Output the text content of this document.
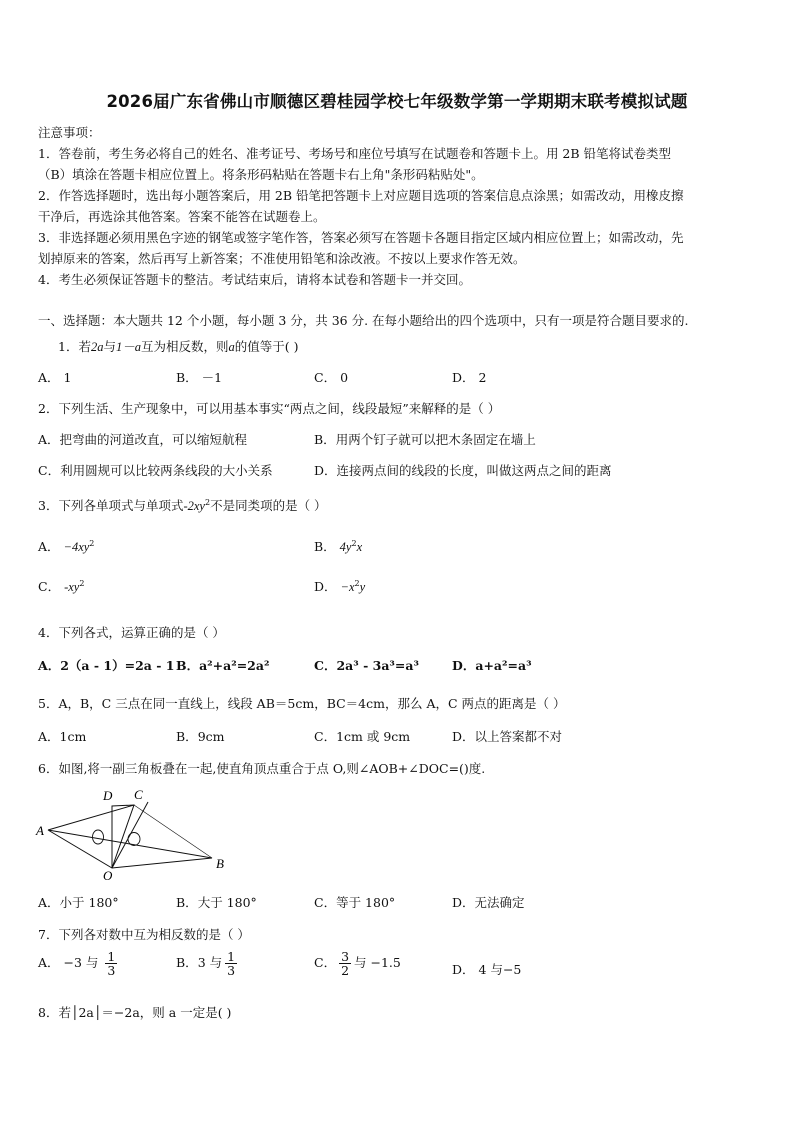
2026届广东省佛山市顺德区碧桂园学校七年级数学第一学期期末联考模拟试题
注意事项：
1．答卷前，考生务必将自己的姓名、准考证号、考场号和座位号填写在试题卷和答题卡上。用 2B 铅笔将试卷类型
（B）填涂在答题卡相应位置上。将条形码粘贴在答题卡右上角"条形码粘贴处"。
2．作答选择题时，选出每小题答案后，用 2B 铅笔把答题卡上对应题目选项的答案信息点涂黑；如需改动，用橡皮擦
干净后，再选涂其他答案。答案不能答在试题卷上。
3．非选择题必须用黑色字迹的钢笔或签字笔作答，答案必须写在答题卡各题目指定区域内相应位置上；如需改动，先
划掉原来的答案，然后再写上新答案；不准使用铅笔和涂改液。不按以上要求作答无效。
4．考生必须保证答题卡的整洁。考试结束后，请将本试卷和答题卡一并交回。
一、选择题：本大题共 12 个小题，每小题 3 分，共 36 分. 在每小题给出的四个选项中，只有一项是符合题目要求的.
1．若2a与1－a互为相反数，则a的值等于( )
A． 1	B． －1	C． 0	D． 2
2．下列生活、生产现象中，可以用基本事实“两点之间，线段最短”来解释的是（ ）
A．把弯曲的河道改直，可以缩短航程	B．用两个钉子就可以把木条固定在墙上
C．利用圆规可以比较两条线段的大小关系	D．连接两点间的线段的长度，叫做这两点之间的距离
3．下列各单项式与单项式$-2xy^2$不是同类项的是（ ）
A． $-4xy^2$	B． $4y^2x$
C． $-xy^2$	D． $-x^2y$
4．下列各式，运算正确的是（ ）
A．2（a - 1）=2a - 1 B．a²+a²=2a²	C．2a³ - 3a³=a³	D．a+a²=a³
5．A，B，C 三点在同一直线上，线段 AB＝5cm，BC＝4cm，那么 A，C 两点的距离是（ ）
A．1cm	B．9cm	C．1cm 或 9cm	D．以上答案都不对
6．如图,将一副三角板叠在一起,使直角顶点重合于点 O,则∠AOB+∠DOC=()度.
A
B
C
D
O
A．小于 180°	B．大于 180°	C．等于 180°	D．无法确定
7．下列各对数中互为相反数的是（ ）
A． −3 与 $\frac{1}{3}$	B．3 与 $\frac{1}{3}$	C． $\frac{3}{2}$ 与 −1.5	D． 4 与−5
8．若│2a│＝−2a，则 a 一定是( )
